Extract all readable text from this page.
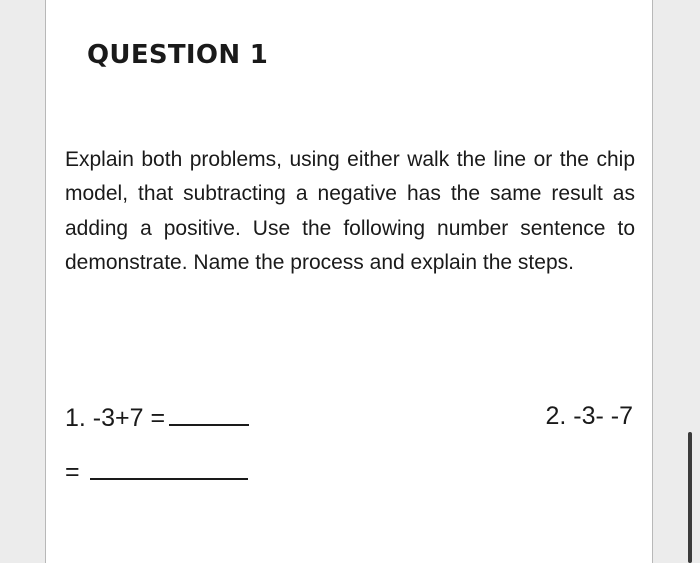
QUESTION 1

Explain both problems, using either walk the line or the chip model, that subtracting a negative has the same result as adding a positive. Use the following number sentence to demonstrate. Name the process and explain the steps.

1. -3+7 =	2. -3- -7
=
